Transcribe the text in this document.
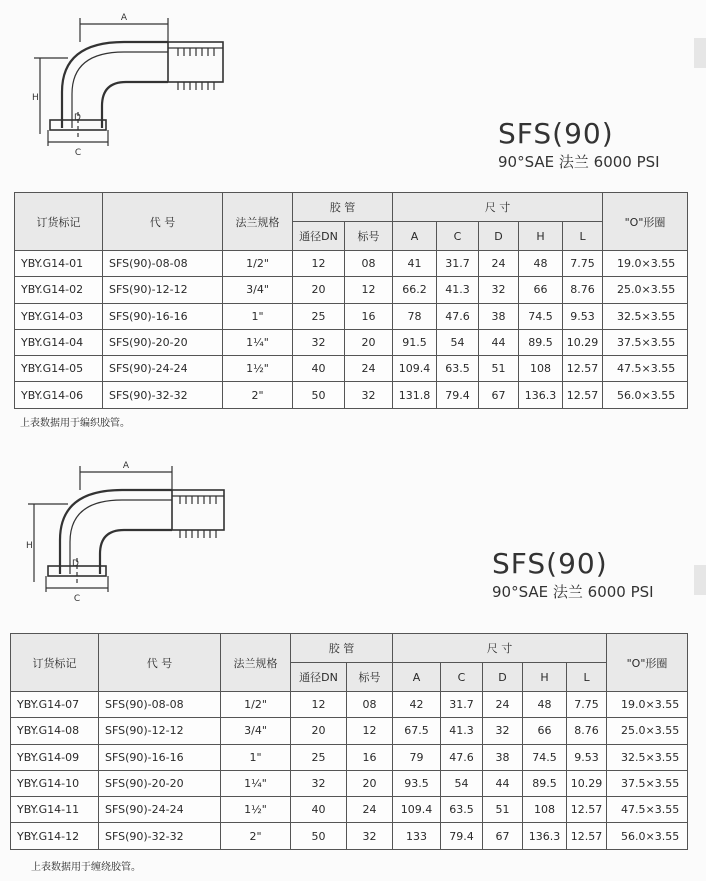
A
H
C
D	SFS(90)
90°SAE 法兰 6000 PSI
订货标记	代 号	法兰规格	胶 管		尺 寸					"O"形圈
			通径DN	标号	A	C	D	H	L	
YBY.G14-01	SFS(90)-08-08	1/2"	12	08	41	31.7	24	48	7.75	19.0×3.55
YBY.G14-02	SFS(90)-12-12	3/4"	20	12	66.2	41.3	32	66	8.76	25.0×3.55
YBY.G14-03	SFS(90)-16-16	1"	25	16	78	47.6	38	74.5	9.53	32.5×3.55
YBY.G14-04	SFS(90)-20-20	1¼"	32	20	91.5	54	44	89.5	10.29	37.5×3.55
YBY.G14-05	SFS(90)-24-24	1½"	40	24	109.4	63.5	51	108	12.57	47.5×3.55
YBY.G14-06	SFS(90)-32-32	2"	50	32	131.8	79.4	67	136.3	12.57	56.0×3.55
上表数据用于编织胶管。
A
H
C
D	SFS(90)
90°SAE 法兰 6000 PSI
订货标记	代 号	法兰规格	胶 管		尺 寸					"O"形圈
			通径DN	标号	A	C	D	H	L	
YBY.G14-07	SFS(90)-08-08	1/2"	12	08	42	31.7	24	48	7.75	19.0×3.55
YBY.G14-08	SFS(90)-12-12	3/4"	20	12	67.5	41.3	32	66	8.76	25.0×3.55
YBY.G14-09	SFS(90)-16-16	1"	25	16	79	47.6	38	74.5	9.53	32.5×3.55
YBY.G14-10	SFS(90)-20-20	1¼"	32	20	93.5	54	44	89.5	10.29	37.5×3.55
YBY.G14-11	SFS(90)-24-24	1½"	40	24	109.4	63.5	51	108	12.57	47.5×3.55
YBY.G14-12	SFS(90)-32-32	2"	50	32	133	79.4	67	136.3	12.57	56.0×3.55
上表数据用于缠绕胶管。
